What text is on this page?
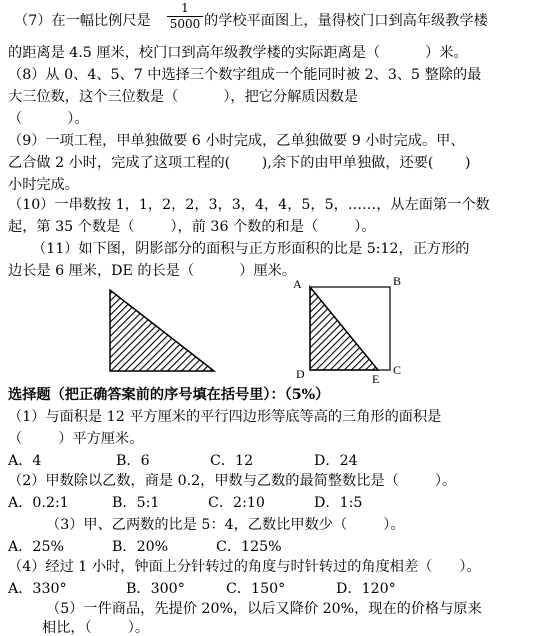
（7）在一幅比例尺是
1
5000 的学校平面图上，量得校门口到高年级教学楼
的距离是 4.5 厘米，校门口到高年级教学楼的实际距离是（          ）米。
（8）从 0、4、5、7 中选择三个数字组成一个能同时被 2、3、5 整除的最
大三位数，这个三位数是（          ），把它分解质因数是
（          ）。
（9）一项工程，甲单独做要 6 小时完成，乙单独做要 9 小时完成。甲、
乙合做 2 小时，完成了这项工程的(       ),余下的由甲单独做，还要(       )
小时完成。
（10）一串数按 1，1，2，2，3，3，4，4，5，5，……，从左面第一个数
起，第 35 个数是（        ），前 36 个数的和是（        ）。
（11）如下图，阴影部分的面积与正方形面积的比是 5:12，正方形的
边长是 6 厘米，DE 的长是（          ）厘米。
A	B
C
D	E
选择题（把正确答案前的序号填在括号里）：（5%）
（1）与面积是 12 平方厘米的平行四边形等底等高的三角形的面积是
（        ）平方厘米。
A．4	B．6	C．12	D．24
（2）甲数除以乙数，商是 0.2，甲数与乙数的最简整数比是（        ）。
A．0.2:1	B．5:1	C．2:10	D．1:5
（3）甲、乙两数的比是 5：4，乙数比甲数少（        ）。
A．25%	B．20%	C．125%
（4）经过 1 小时，钟面上分针转过的角度与时针转过的角度相差（      ）。
A．330°	B．300°	C．150°	D．120°
（5）一件商品，先提价 20%，以后又降价 20%，现在的价格与原来
相比，（        ）。
